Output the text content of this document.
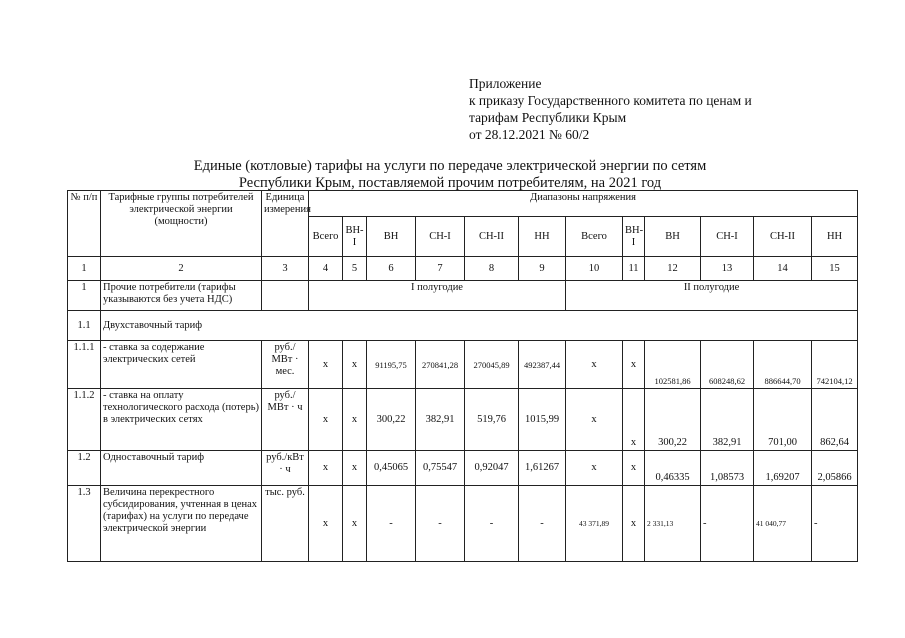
Приложение
к приказу Государственного комитета по ценам и
тарифам Республики Крым
от 28.12.2021 № 60/2
Единые (котловые) тарифы на услуги по передаче электрической энергии по сетям
Республики Крым, поставляемой прочим потребителям, на 2021 год
№ п/п	Тарифные группы потребителей электрической энергии (мощности)	Единица измерения	Диапазоны напряжения											
			Всего	ВН-I	ВН	СН-I	СН-II	НН	Всего	ВН-I	ВН	СН-I	СН-II	НН
1	2	3	4	5	6	7	8	9	10	11	12	13	14	15
1	Прочие потребители (тарифы указываются без учета НДС)		I полугодие						II полугодие					
1.1	Двухставочный тариф													
1.1.1	- ставка за содержание электрических сетей	руб./МВт · мес.	x	x	91195,75	270841,28	270045,89	492387,44	x	x	102581,86	608248,62	886644,70	742104,12
1.1.2	- ставка на оплату технологического расхода (потерь) в электрических сетях	руб./МВт · ч	x	x	300,22	382,91	519,76	1015,99	x	x	300,22	382,91	701,00	862,64
1.2	Одноставочный тариф	руб./кВт · ч	x	x	0,45065	0,75547	0,92047	1,61267	x	x	0,46335	1,08573	1,69207	2,05866
1.3	Величина перекрестного субсидирования, учтенная в ценах (тарифах) на услуги по передаче электрической энергии	тыс. руб.	x	x	-	-	-	-	43 371,89	x	2 331,13	-	41 040,77	-
